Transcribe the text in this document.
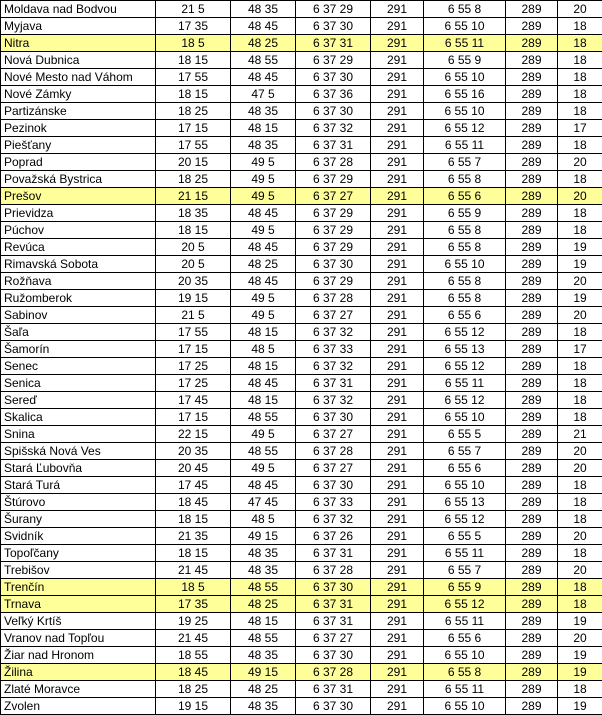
Moldava nad Bodvou	21 5	48 35	6 37 29	291	6 55 8	289	20
Myjava	17 35	48 45	6 37 30	291	6 55 10	289	18
Nitra	18 5	48 25	6 37 31	291	6 55 11	289	18
Nová Dubnica	18 15	48 55	6 37 29	291	6 55 9	289	18
Nové Mesto nad Váhom	17 55	48 45	6 37 30	291	6 55 10	289	18
Nové Zámky	18 15	47 5	6 37 36	291	6 55 16	289	18
Partizánske	18 25	48 35	6 37 30	291	6 55 10	289	18
Pezinok	17 15	48 15	6 37 32	291	6 55 12	289	17
Piešťany	17 55	48 35	6 37 31	291	6 55 11	289	18
Poprad	20 15	49 5	6 37 28	291	6 55 7	289	20
Považská Bystrica	18 25	49 5	6 37 29	291	6 55 8	289	18
Prešov	21 15	49 5	6 37 27	291	6 55 6	289	20
Prievidza	18 35	48 45	6 37 29	291	6 55 9	289	18
Púchov	18 15	49 5	6 37 29	291	6 55 8	289	18
Revúca	20 5	48 45	6 37 29	291	6 55 8	289	19
Rimavská Sobota	20 5	48 25	6 37 30	291	6 55 10	289	19
Rožňava	20 35	48 45	6 37 29	291	6 55 8	289	20
Ružomberok	19 15	49 5	6 37 28	291	6 55 8	289	19
Sabinov	21 5	49 5	6 37 27	291	6 55 6	289	20
Šaľa	17 55	48 15	6 37 32	291	6 55 12	289	18
Šamorín	17 15	48 5	6 37 33	291	6 55 13	289	17
Senec	17 25	48 15	6 37 32	291	6 55 12	289	18
Senica	17 25	48 45	6 37 31	291	6 55 11	289	18
Sereď	17 45	48 15	6 37 32	291	6 55 12	289	18
Skalica	17 15	48 55	6 37 30	291	6 55 10	289	18
Snina	22 15	49 5	6 37 27	291	6 55 5	289	21
Spišská Nová Ves	20 35	48 55	6 37 28	291	6 55 7	289	20
Stará Ľubovňa	20 45	49 5	6 37 27	291	6 55 6	289	20
Stará Turá	17 45	48 45	6 37 30	291	6 55 10	289	18
Štúrovo	18 45	47 45	6 37 33	291	6 55 13	289	18
Šurany	18 15	48 5	6 37 32	291	6 55 12	289	18
Svidník	21 35	49 15	6 37 26	291	6 55 5	289	20
Topoľčany	18 15	48 35	6 37 31	291	6 55 11	289	18
Trebišov	21 45	48 35	6 37 28	291	6 55 7	289	20
Trenčín	18 5	48 55	6 37 30	291	6 55 9	289	18
Trnava	17 35	48 25	6 37 31	291	6 55 12	289	18
Veľký Krtíš	19 25	48 15	6 37 31	291	6 55 11	289	19
Vranov nad Topľou	21 45	48 55	6 37 27	291	6 55 6	289	20
Žiar nad Hronom	18 55	48 35	6 37 30	291	6 55 10	289	19
Žilina	18 45	49 15	6 37 28	291	6 55 8	289	19
Zlaté Moravce	18 25	48 25	6 37 31	291	6 55 11	289	18
Zvolen	19 15	48 35	6 37 30	291	6 55 10	289	19
